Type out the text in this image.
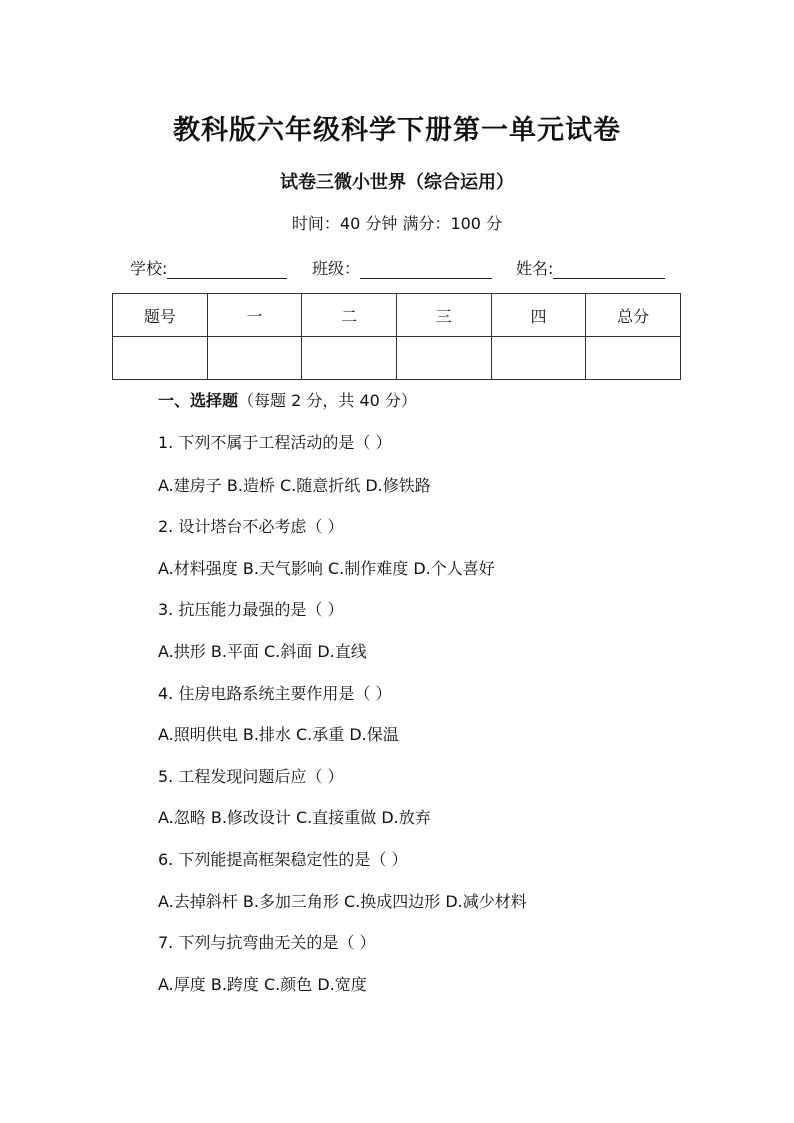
教科版六年级科学下册第一单元试卷
试卷三微小世界（综合运用）
时间：40 分钟 满分：100 分
学校:	班级：	姓名:
题号	一	二	三	四	总分

一、选择题（每题 2 分，共 40 分）
1. 下列不属于工程活动的是（ ）
A.建房子 B.造桥 C.随意折纸 D.修铁路
2. 设计塔台不必考虑（ ）
A.材料强度 B.天气影响 C.制作难度 D.个人喜好
3. 抗压能力最强的是（ ）
A.拱形 B.平面 C.斜面 D.直线
4. 住房电路系统主要作用是（ ）
A.照明供电 B.排水 C.承重 D.保温
5. 工程发现问题后应（ ）
A.忽略 B.修改设计 C.直接重做 D.放弃
6. 下列能提高框架稳定性的是（ ）
A.去掉斜杆 B.多加三角形 C.换成四边形 D.减少材料
7. 下列与抗弯曲无关的是（ ）
A.厚度 B.跨度 C.颜色 D.宽度
